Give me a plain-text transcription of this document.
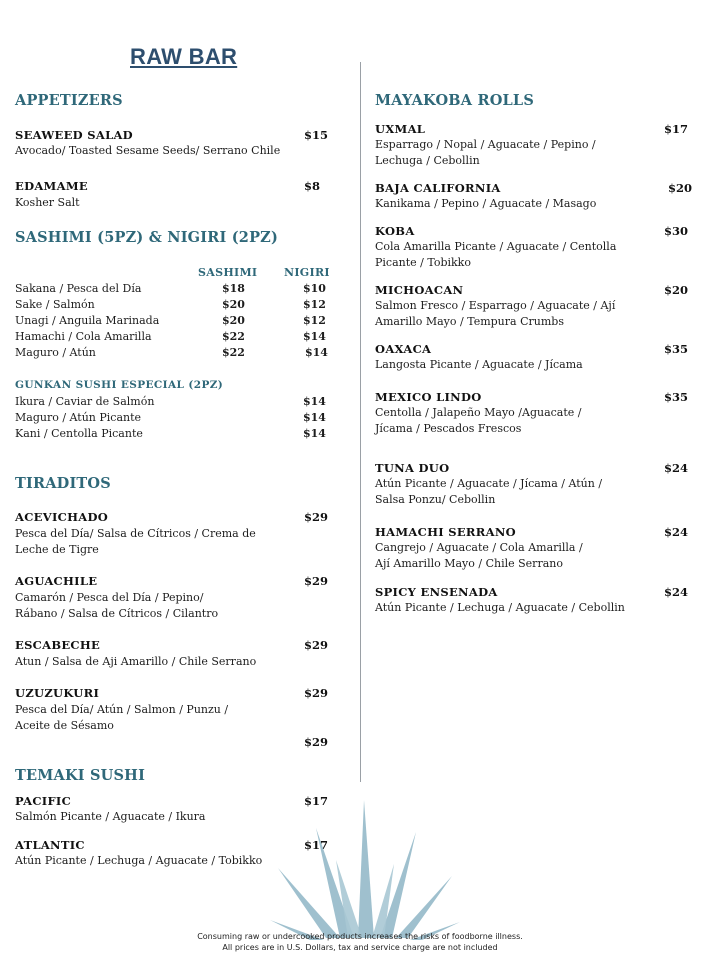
RAW BAR
APPETIZERS
SEAWEED SALAD	$15
Avocado/ Toasted Sesame Seeds/ Serrano Chile
EDAMAME	$8
Kosher Salt
SASHIMI (5PZ) & NIGIRI (2PZ)
SASHIMI NIGIRI
Sakana / Pesca del Día	$18	$10
Sake / Salmón	$20	$12
Unagi / Anguila Marinada	$20	$12
Hamachi / Cola Amarilla	$22	$14
Maguro / Atún	$22	$14
GUNKAN SUSHI ESPECIAL (2PZ)
Ikura / Caviar de Salmón	$14
Maguro / Atún Picante	$14
Kani / Centolla Picante	$14
TIRADITOS
ACEVICHADO	$29
Pesca del Día/ Salsa de Cítricos / Crema de
Leche de Tigre
AGUACHILE	$29
Camarón / Pesca del Día / Pepino/
Rábano / Salsa de Cítricos / Cilantro
ESCABECHE	$29
Atun / Salsa de Aji Amarillo / Chile Serrano
UZUZUKURI	$29
Pesca del Día/ Atún / Salmon / Punzu /
Aceite de Sésamo
$29
TEMAKI SUSHI
PACIFIC	$17
Salmón Picante / Aguacate / Ikura
ATLANTIC	$17
Atún Picante / Lechuga / Aguacate / Tobikko
MAYAKOBA ROLLS
UXMAL	$17
Esparrago / Nopal / Aguacate / Pepino /
Lechuga / Cebollin
BAJA CALIFORNIA	$20
Kanikama / Pepino / Aguacate / Masago
KOBA	$30
Cola Amarilla Picante / Aguacate / Centolla
Picante / Tobikko
MICHOACAN	$20
Salmon Fresco / Esparrago / Aguacate / Ají
Amarillo Mayo / Tempura Crumbs
OAXACA	$35
Langosta Picante / Aguacate / Jícama
MEXICO LINDO	$35
Centolla / Jalapeño Mayo /Aguacate /
Jícama / Pescados Frescos
TUNA DUO	$24
Atún Picante / Aguacate / Jícama / Atún /
Salsa Ponzu/ Cebollin
HAMACHI SERRANO	$24
Cangrejo / Aguacate / Cola Amarilla /
Ají Amarillo Mayo / Chile Serrano
SPICY ENSENADA	$24
Atún Picante / Lechuga / Aguacate / Cebollin
Consuming raw or undercooked products increases the risks of foodborne illness.
All prices are in U.S. Dollars, tax and service charge are not included
